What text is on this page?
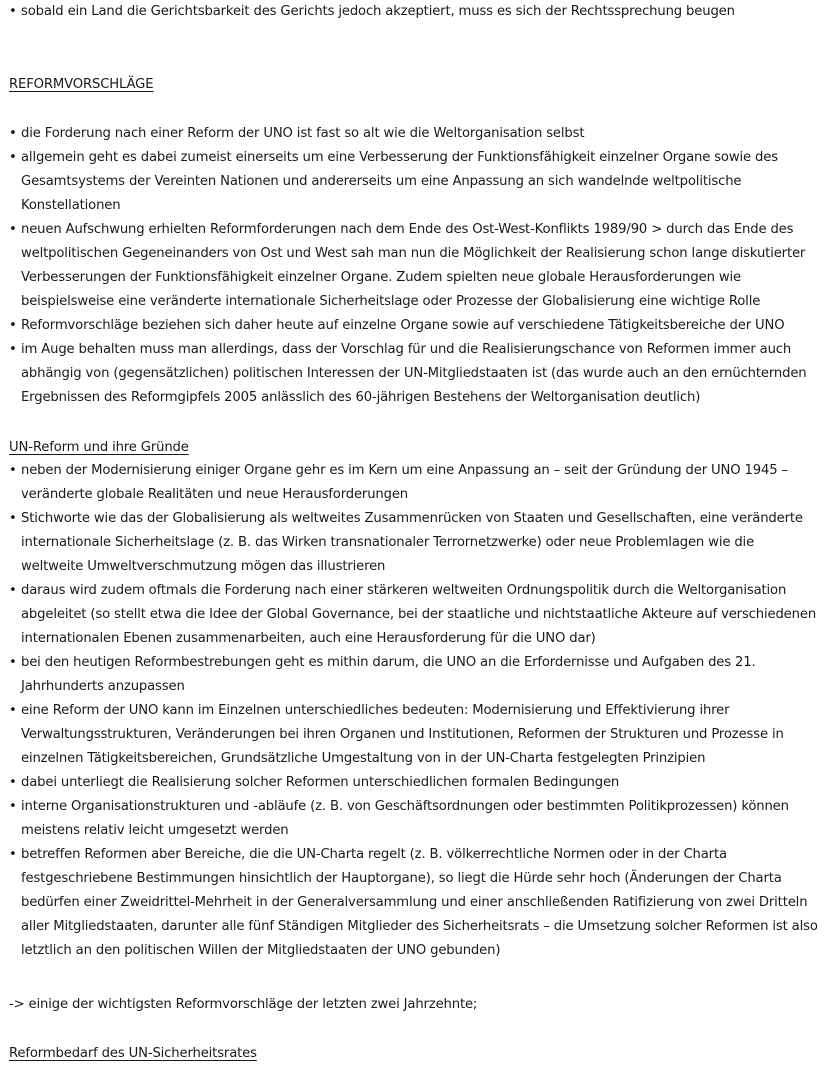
• sobald ein Land die Gerichtsbarkeit des Gerichts jedoch akzeptiert, muss es sich der Rechtssprechung beugen
REFORMVORSCHLÄGE
• die Forderung nach einer Reform der UNO ist fast so alt wie die Weltorganisation selbst
• allgemein geht es dabei zumeist einerseits um eine Verbesserung der Funktionsfähigkeit einzelner Organe sowie des Gesamtsystems der Vereinten Nationen und andererseits um eine Anpassung an sich wandelnde weltpolitische Konstellationen
• neuen Aufschwung erhielten Reformforderungen nach dem Ende des Ost-West-Konflikts 1989/90 > durch das Ende des weltpolitischen Gegeneinanders von Ost und West sah man nun die Möglichkeit der Realisierung schon lange diskutierter Verbesserungen der Funktionsfähigkeit einzelner Organe. Zudem spielten neue globale Herausforderungen wie beispielsweise eine veränderte internationale Sicherheitslage oder Prozesse der Globalisierung eine wichtige Rolle
• Reformvorschläge beziehen sich daher heute auf einzelne Organe sowie auf verschiedene Tätigkeitsbereiche der UNO
• im Auge behalten muss man allerdings, dass der Vorschlag für und die Realisierungschance von Reformen immer auch abhängig von (gegensätzlichen) politischen Interessen der UN-Mitgliedstaaten ist (das wurde auch an den ernüchternden Ergebnissen des Reformgipfels 2005 anlässlich des 60-jährigen Bestehens der Weltorganisation deutlich)
UN-Reform und ihre Gründe
• neben der Modernisierung einiger Organe gehr es im Kern um eine Anpassung an – seit der Gründung der UNO 1945 – veränderte globale Realitäten und neue Herausforderungen
• Stichworte wie das der Globalisierung als weltweites Zusammenrücken von Staaten und Gesellschaften, eine veränderte internationale Sicherheitslage (z. B. das Wirken transnationaler Terrornetzwerke) oder neue Problemlagen wie die weltweite Umweltverschmutzung mögen das illustrieren
• daraus wird zudem oftmals die Forderung nach einer stärkeren weltweiten Ordnungspolitik durch die Weltorganisation abgeleitet (so stellt etwa die Idee der Global Governance, bei der staatliche und nichtstaatliche Akteure auf verschiedenen internationalen Ebenen zusammenarbeiten, auch eine Herausforderung für die UNO dar)
• bei den heutigen Reformbestrebungen geht es mithin darum, die UNO an die Erfordernisse und Aufgaben des 21. Jahrhunderts anzupassen
• eine Reform der UNO kann im Einzelnen unterschiedliches bedeuten: Modernisierung und Effektivierung ihrer Verwaltungsstrukturen, Veränderungen bei ihren Organen und Institutionen, Reformen der Strukturen und Prozesse in einzelnen Tätigkeitsbereichen, Grundsätzliche Umgestaltung von in der UN-Charta festgelegten Prinzipien
• dabei unterliegt die Realisierung solcher Reformen unterschiedlichen formalen Bedingungen
• interne Organisationstrukturen und -abläufe (z. B. von Geschäftsordnungen oder bestimmten Politikprozessen) können meistens relativ leicht umgesetzt werden
• betreffen Reformen aber Bereiche, die die UN-Charta regelt (z. B. völkerrechtliche Normen oder in der Charta festgeschriebene Bestimmungen hinsichtlich der Hauptorgane), so liegt die Hürde sehr hoch (Änderungen der Charta bedürfen einer Zweidrittel-Mehrheit in der Generalversammlung und einer anschließenden Ratifizierung von zwei Dritteln aller Mitgliedstaaten, darunter alle fünf Ständigen Mitglieder des Sicherheitsrats – die Umsetzung solcher Reformen ist also letztlich an den politischen Willen der Mitgliedstaaten der UNO gebunden)

-> einige der wichtigsten Reformvorschläge der letzten zwei Jahrzehnte;

Reformbedarf des UN-Sicherheitsrates
